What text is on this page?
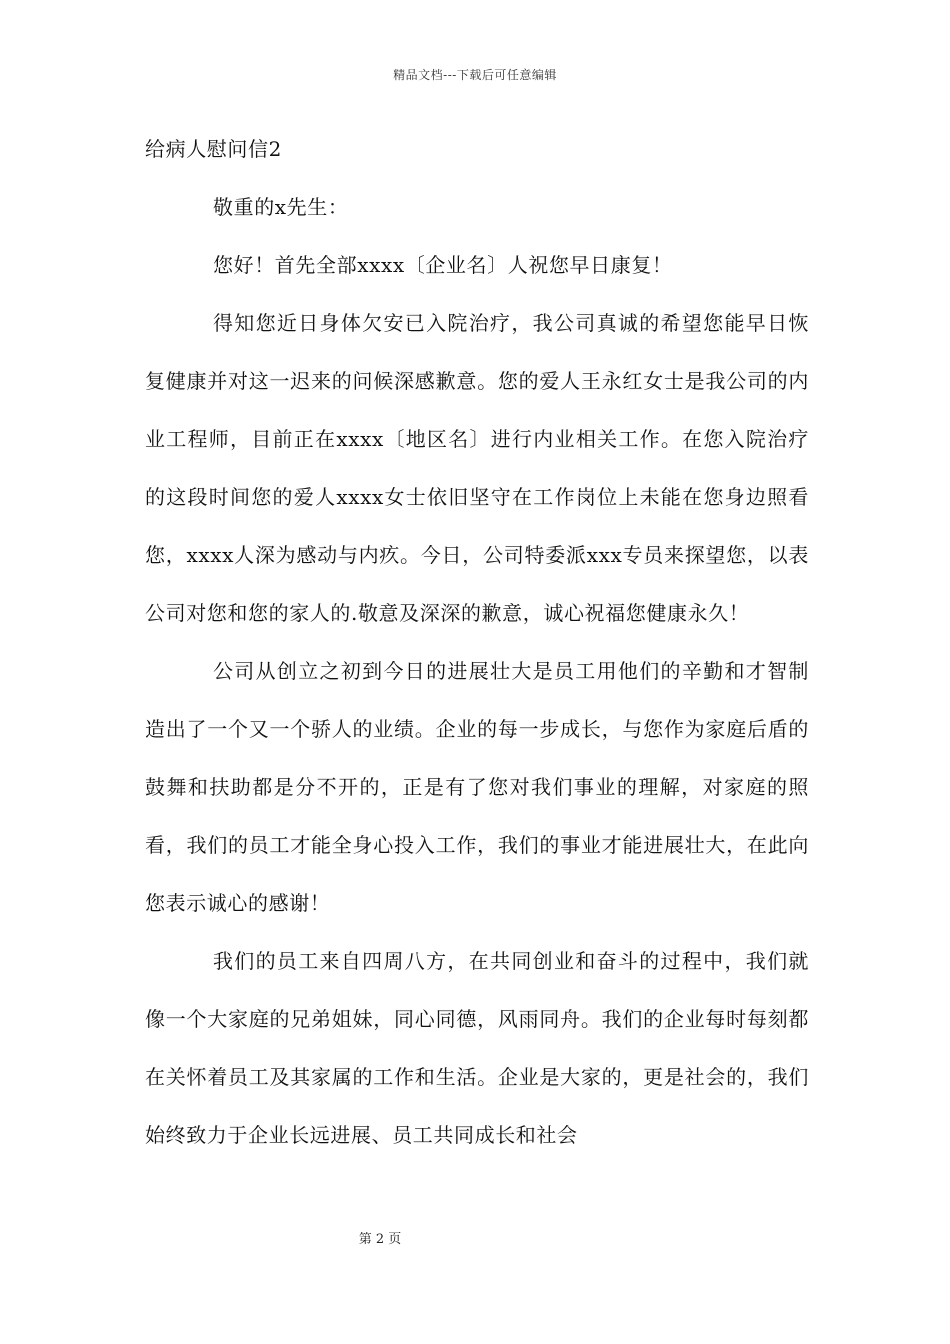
精品文档---下载后可任意编辑
给病人慰问信2

敬重的x先生：

您好！首先全部xxxx〔企业名〕人祝您早日康复！

得知您近日身体欠安已入院治疗，我公司真诚的希望您能早日恢复健康并对这一迟来的问候深感歉意。您的爱人王永红女士是我公司的内业工程师，目前正在xxxx〔地区名〕进行内业相关工作。在您入院治疗的这段时间您的爱人xxxx女士依旧坚守在工作岗位上未能在您身边照看您，xxxx人深为感动与内疚。今日，公司特委派xxx专员来探望您，以表公司对您和您的家人的.敬意及深深的歉意，诚心祝福您健康永久！

公司从创立之初到今日的进展壮大是员工用他们的辛勤和才智制造出了一个又一个骄人的业绩。企业的每一步成长，与您作为家庭后盾的鼓舞和扶助都是分不开的，正是有了您对我们事业的理解，对家庭的照看，我们的员工才能全身心投入工作，我们的事业才能进展壮大，在此向您表示诚心的感谢！

我们的员工来自四周八方，在共同创业和奋斗的过程中，我们就像一个大家庭的兄弟姐妹，同心同德，风雨同舟。我们的企业每时每刻都在关怀着员工及其家属的工作和生活。企业是大家的，更是社会的，我们始终致力于企业长远进展、员工共同成长和社会

第 2 页
